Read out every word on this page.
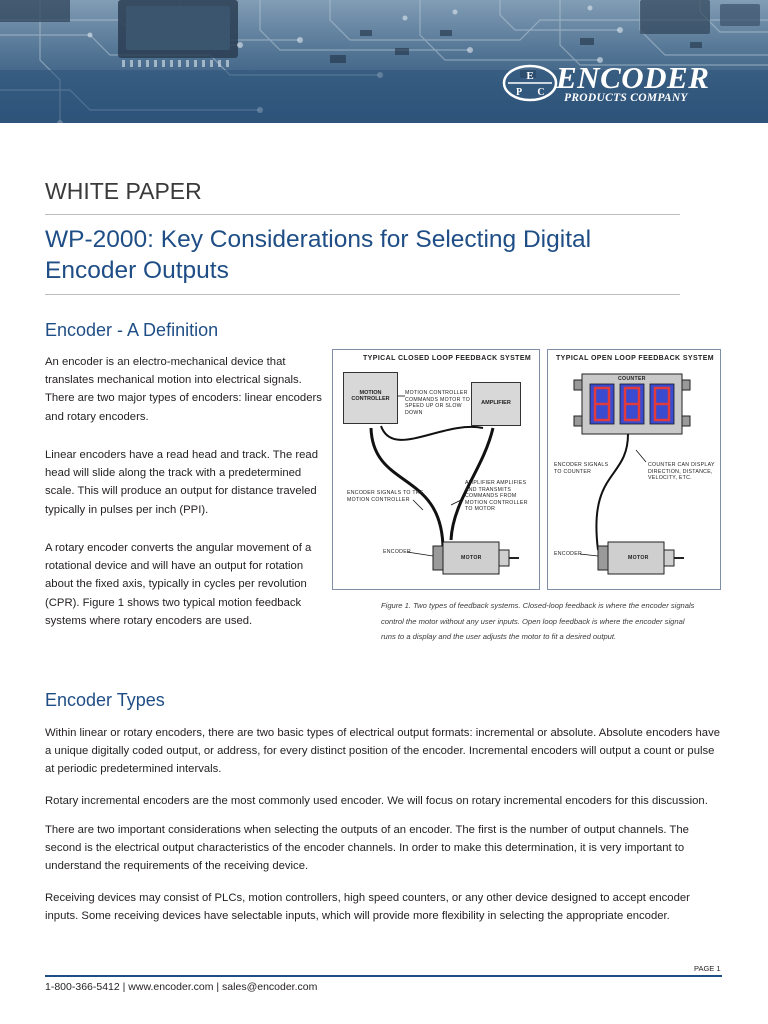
E
P C ENCODER
PRODUCTS COMPANY
WHITE PAPER
WP-2000: Key Considerations for Selecting Digital Encoder Outputs
Encoder - A Definition
An encoder is an electro-mechanical device that translates mechanical motion into electrical signals. There are two major types of encoders: linear encoders and rotary encoders.
Linear encoders have a read head and track. The read head will slide along the track with a predetermined scale. This will produce an output for distance traveled typically in pulses per inch (PPI).
A rotary encoder converts the angular movement of a rotational device and will have an output for rotation about the fixed axis, typically in cycles per revolution (CPR). Figure 1 shows two typical motion feedback systems where rotary encoders are used.
TYPICAL CLOSED LOOP FEEDBACK SYSTEM
MOTION CONTROLLER
AMPLIFIER
MOTION CONTROLLER COMMANDS MOTOR TO SPEED UP OR SLOW DOWN
AMPLIFIER AMPLIFIES AND TRANSMITS COMMANDS FROM MOTION CONTROLLER TO MOTOR
ENCODER SIGNALS TO THE MOTION CONTROLLER
ENCODER
MOTOR
TYPICAL OPEN LOOP FEEDBACK SYSTEM
COUNTER
ENCODER SIGNALS TO COUNTER
COUNTER CAN DISPLAY DIRECTION, DISTANCE, VELOCITY, ETC.
ENCODER
MOTOR
Figure 1. Two types of feedback systems. Closed-loop feedback is where the encoder signals control the motor without any user inputs. Open loop feedback is where the encoder signal runs to a display and the user adjusts the motor to fit a desired output.
Encoder Types
Within linear or rotary encoders, there are two basic types of electrical output formats: incremental or absolute. Absolute encoders have a unique digitally coded output, or address, for every distinct position of the encoder. Incremental encoders will output a count or pulse at periodic predetermined intervals.
Rotary incremental encoders are the most commonly used encoder. We will focus on rotary incremental encoders for this discussion.
There are two important considerations when selecting the outputs of an encoder. The first is the number of output channels. The second is the electrical output characteristics of the encoder channels. In order to make this determination, it is very important to understand the requirements of the receiving device.
Receiving devices may consist of PLCs, motion controllers, high speed counters, or any other device designed to accept encoder inputs. Some receiving devices have selectable inputs, which will provide more flexibility in selecting the appropriate encoder.
PAGE 1
1-800-366-5412 | www.encoder.com | sales@encoder.com
